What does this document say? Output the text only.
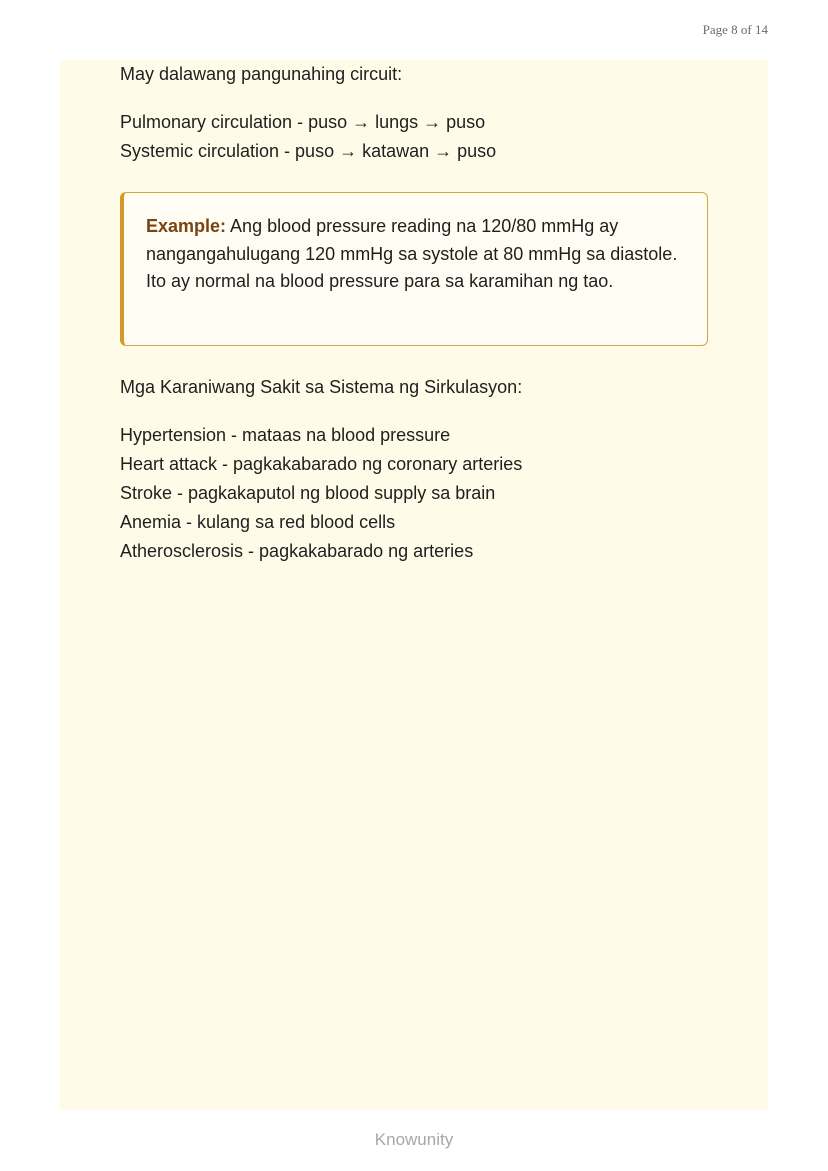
Page 8 of 14
May dalawang pangunahing circuit:
Pulmonary circulation - puso → lungs → puso
Systemic circulation - puso → katawan → puso
Example: Ang blood pressure reading na 120/80 mmHg ay nangangahulugang 120 mmHg sa systole at 80 mmHg sa diastole. Ito ay normal na blood pressure para sa karamihan ng tao.
Mga Karaniwang Sakit sa Sistema ng Sirkulasyon:
Hypertension - mataas na blood pressure
Heart attack - pagkakabarado ng coronary arteries
Stroke - pagkakaputol ng blood supply sa brain
Anemia - kulang sa red blood cells
Atherosclerosis - pagkakabarado ng arteries
Knowunity
